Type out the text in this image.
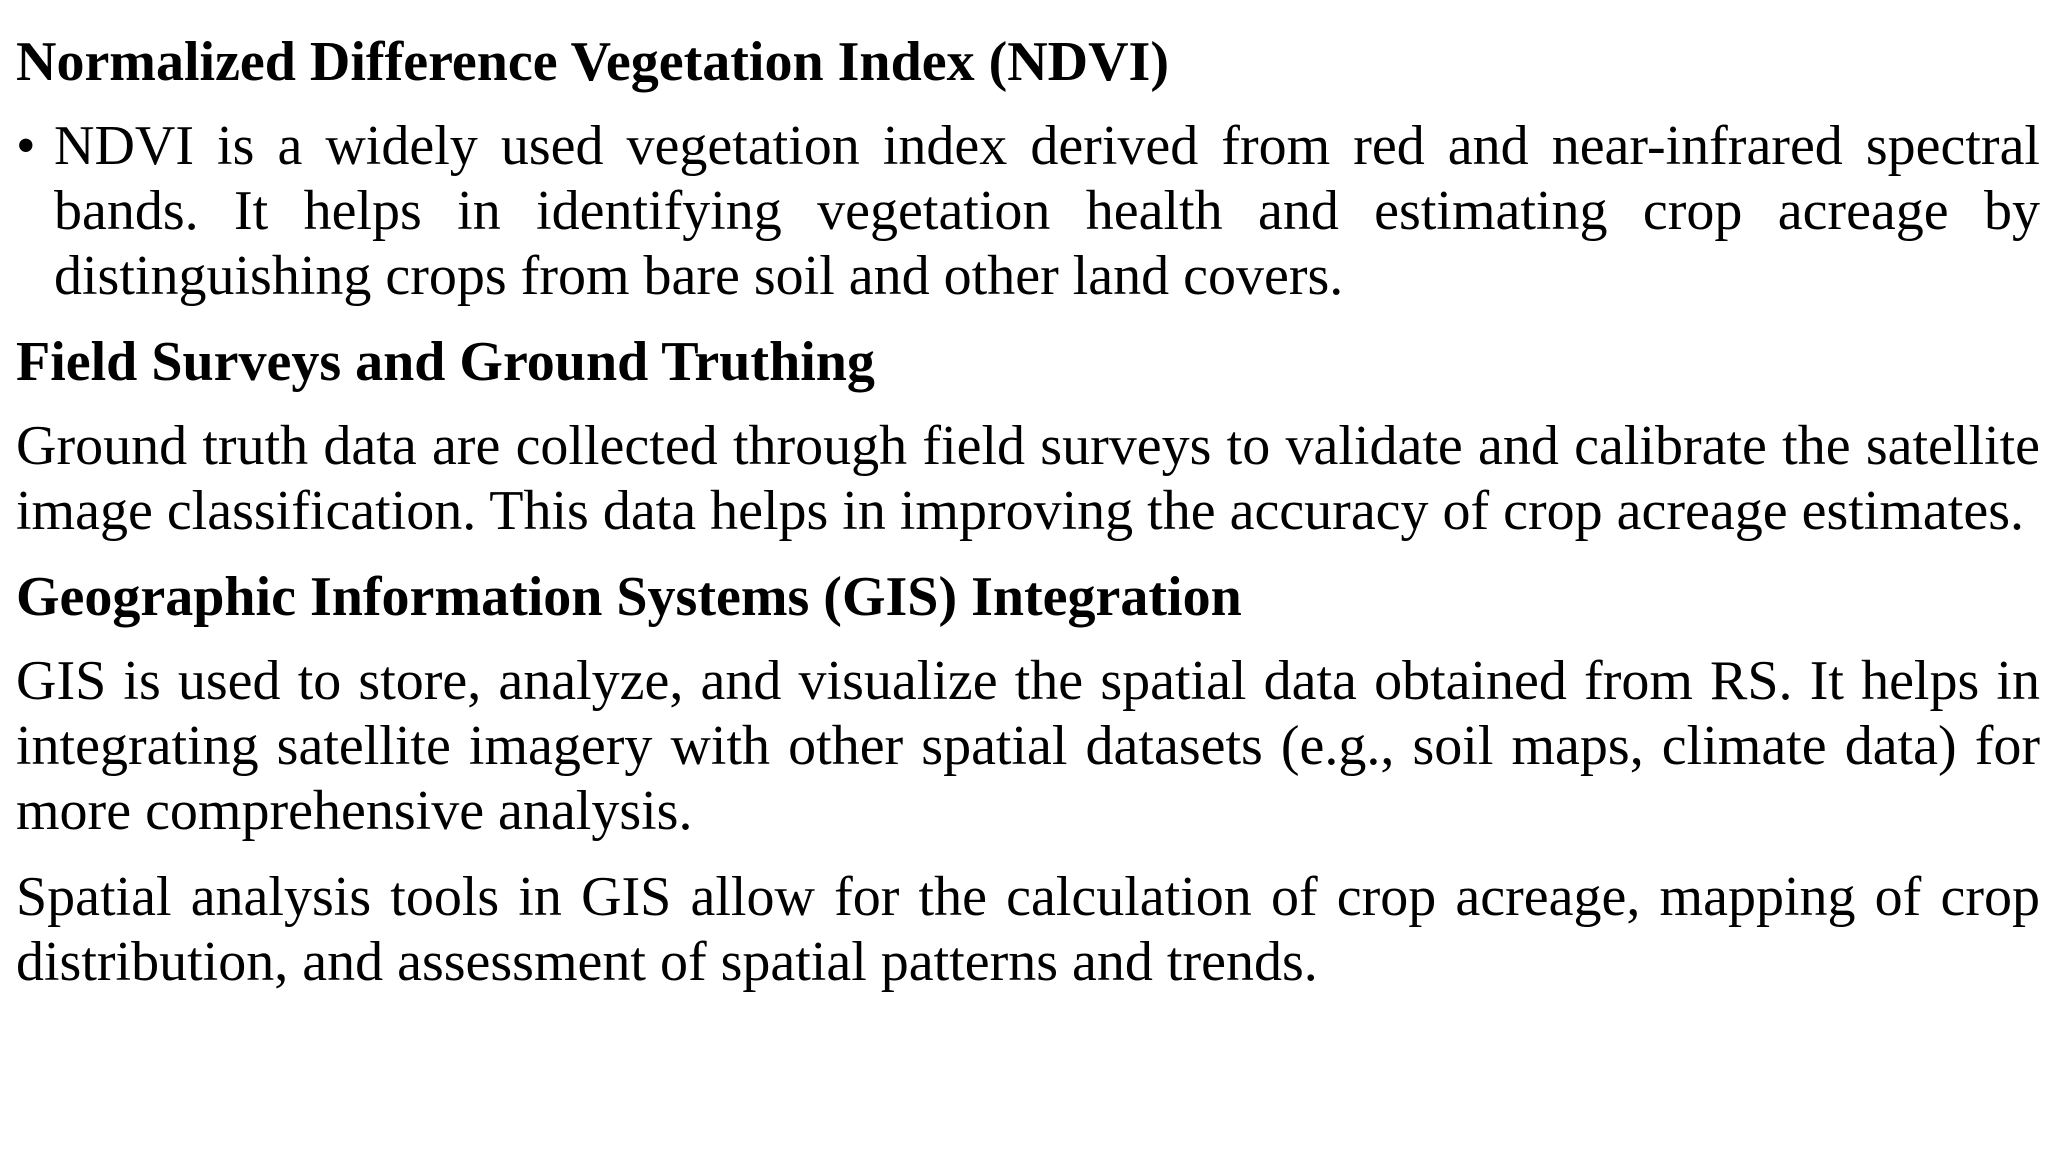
Normalized Difference Vegetation Index (NDVI)
• NDVI is a widely used vegetation index derived from red and near-infrared spectral bands. It helps in identifying vegetation health and estimating crop acreage by distinguishing crops from bare soil and other land covers.
Field Surveys and Ground Truthing

Ground truth data are collected through field surveys to validate and calibrate the satellite image classification. This data helps in improving the accuracy of crop acreage estimates.

Geographic Information Systems (GIS) Integration

GIS is used to store, analyze, and visualize the spatial data obtained from RS. It helps in integrating satellite imagery with other spatial datasets (e.g., soil maps, climate data) for more comprehensive analysis.

Spatial analysis tools in GIS allow for the calculation of crop acreage, mapping of crop distribution, and assessment of spatial patterns and trends.
